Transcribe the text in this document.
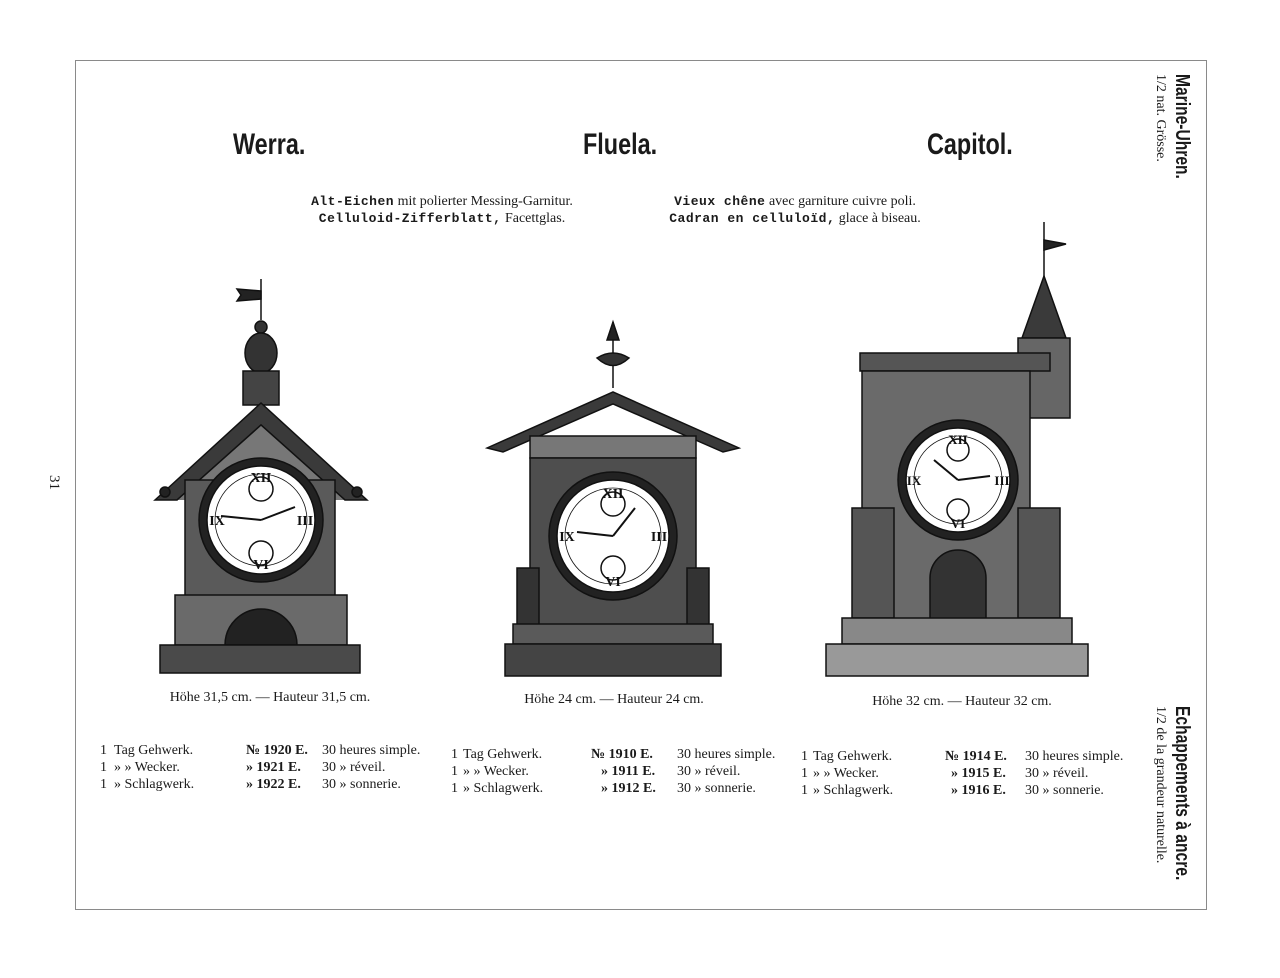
31
Marine-Uhren.
1/2 nat. Grösse.
Echappements à ancre.
1/2 de la grandeur naturelle.
Werra.	Fluela.	Capitol.
Alt-Eichen mit polierter Messing-Garnitur.
Celluloid-Zifferblatt, Facettglas.
Vieux chêne avec garniture cuivre poli.
Cadran en celluloïd, glace à biseau.
XII
III
VI
IX
XII
III
VI
IX
XII
III
VI
IX
Höhe 31,5 cm. — Hauteur 31,5 cm.	Höhe 24 cm. — Hauteur 24 cm.	Höhe 32 cm. — Hauteur 32 cm.
1 Tag Gehwerk.	№ 1920 E. 30 heures simple.
1 » » Wecker.	» 1921 E. 30 » réveil.
1 » Schlagwerk.	» 1922 E. 30 » sonnerie.
1 Tag Gehwerk.	№ 1910 E. 30 heures simple.
1 » » Wecker.	» 1911 E. 30 » réveil.
1 » Schlagwerk.	» 1912 E. 30 » sonnerie.
1 Tag Gehwerk.	№ 1914 E. 30 heures simple.
1 » » Wecker.	» 1915 E. 30 » réveil.
1 » Schlagwerk.	» 1916 E. 30 » sonnerie.
